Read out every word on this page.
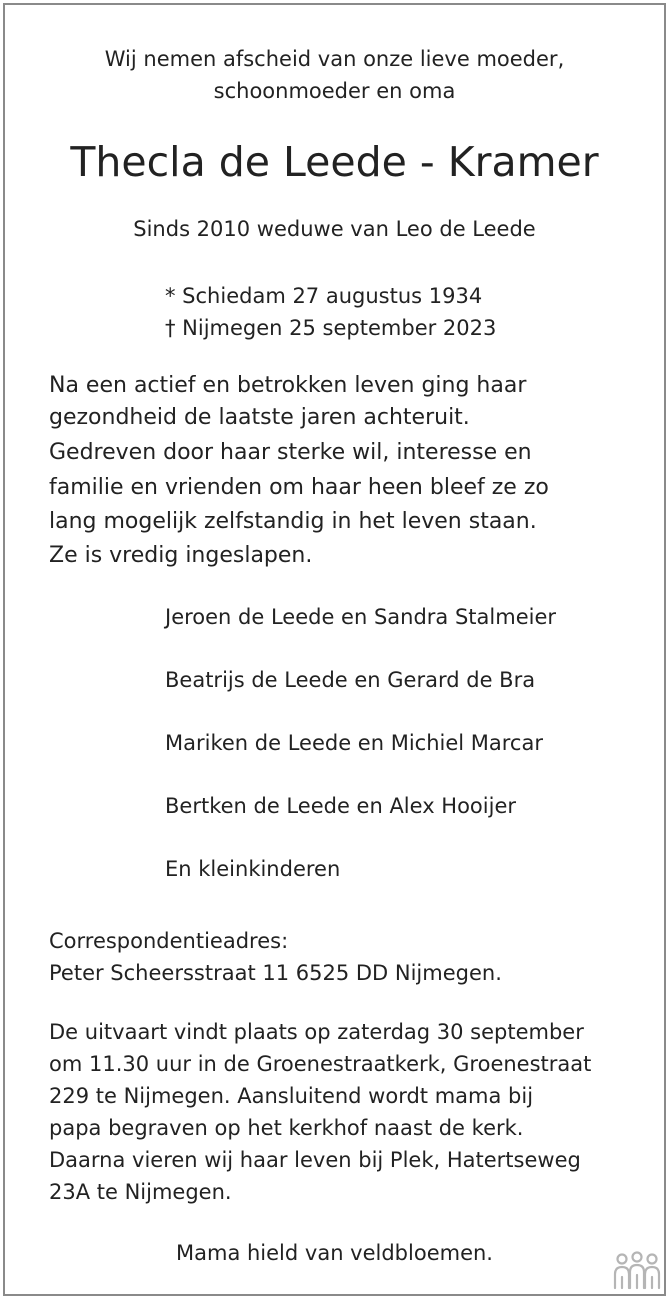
Wij nemen afscheid van onze lieve moeder,

schoonmoeder en oma

Thecla de Leede - Kramer

Sinds 2010 weduwe van Leo de Leede

* Schiedam 27 augustus 1934

† Nijmegen 25 september 2023

Na een actief en betrokken leven ging haar

gezondheid de laatste jaren achteruit.

Gedreven door haar sterke wil, interesse en

familie en vrienden om haar heen bleef ze zo

lang mogelijk zelfstandig in het leven staan.

Ze is vredig ingeslapen.

Jeroen de Leede en Sandra Stalmeier

Beatrijs de Leede en Gerard de Bra

Mariken de Leede en Michiel Marcar

Bertken de Leede en Alex Hooijer

En kleinkinderen

Correspondentieadres:

Peter Scheersstraat 11 6525 DD Nijmegen.

De uitvaart vindt plaats op zaterdag 30 september

om 11.30 uur in de Groenestraatkerk, Groenestraat

229 te Nijmegen. Aansluitend wordt mama bij

papa begraven op het kerkhof naast de kerk.

Daarna vieren wij haar leven bij Plek, Hatertseweg

23A te Nijmegen.

Mama hield van veldbloemen.
